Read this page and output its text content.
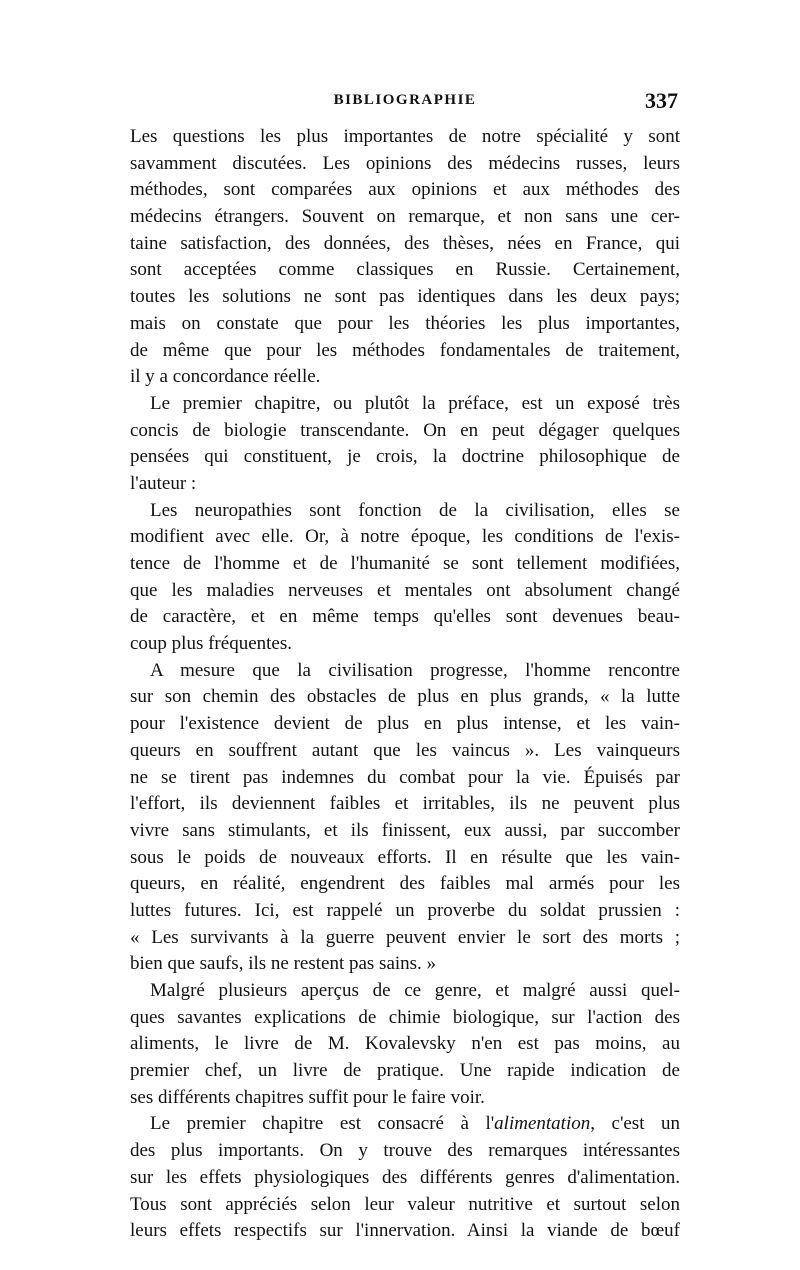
BIBLIOGRAPHIE	337
Les questions les plus importantes de notre spécialité y sont
savamment discutées. Les opinions des médecins russes, leurs
méthodes, sont comparées aux opinions et aux méthodes des
médecins étrangers. Souvent on remarque, et non sans une cer-
taine satisfaction, des données, des thèses, nées en France, qui
sont acceptées comme classiques en Russie. Certainement,
toutes les solutions ne sont pas identiques dans les deux pays;
mais on constate que pour les théories les plus importantes,
de même que pour les méthodes fondamentales de traitement,
il y a concordance réelle.
Le premier chapitre, ou plutôt la préface, est un exposé très
concis de biologie transcendante. On en peut dégager quelques
pensées qui constituent, je crois, la doctrine philosophique de
l'auteur :
Les neuropathies sont fonction de la civilisation, elles se
modifient avec elle. Or, à notre époque, les conditions de l'exis-
tence de l'homme et de l'humanité se sont tellement modifiées,
que les maladies nerveuses et mentales ont absolument changé
de caractère, et en même temps qu'elles sont devenues beau-
coup plus fréquentes.
A mesure que la civilisation progresse, l'homme rencontre
sur son chemin des obstacles de plus en plus grands, « la lutte
pour l'existence devient de plus en plus intense, et les vain-
queurs en souffrent autant que les vaincus ». Les vainqueurs
ne se tirent pas indemnes du combat pour la vie. Épuisés par
l'effort, ils deviennent faibles et irritables, ils ne peuvent plus
vivre sans stimulants, et ils finissent, eux aussi, par succomber
sous le poids de nouveaux efforts. Il en résulte que les vain-
queurs, en réalité, engendrent des faibles mal armés pour les
luttes futures. Ici, est rappelé un proverbe du soldat prussien :
« Les survivants à la guerre peuvent envier le sort des morts ;
bien que saufs, ils ne restent pas sains. »
Malgré plusieurs aperçus de ce genre, et malgré aussi quel-
ques savantes explications de chimie biologique, sur l'action des
aliments, le livre de M. Kovalevsky n'en est pas moins, au
premier chef, un livre de pratique. Une rapide indication de
ses différents chapitres suffit pour le faire voir.
Le premier chapitre est consacré à l'alimentation, c'est un
des plus importants. On y trouve des remarques intéressantes
sur les effets physiologiques des différents genres d'alimentation.
Tous sont appréciés selon leur valeur nutritive et surtout selon
leurs effets respectifs sur l'innervation. Ainsi la viande de bœuf
